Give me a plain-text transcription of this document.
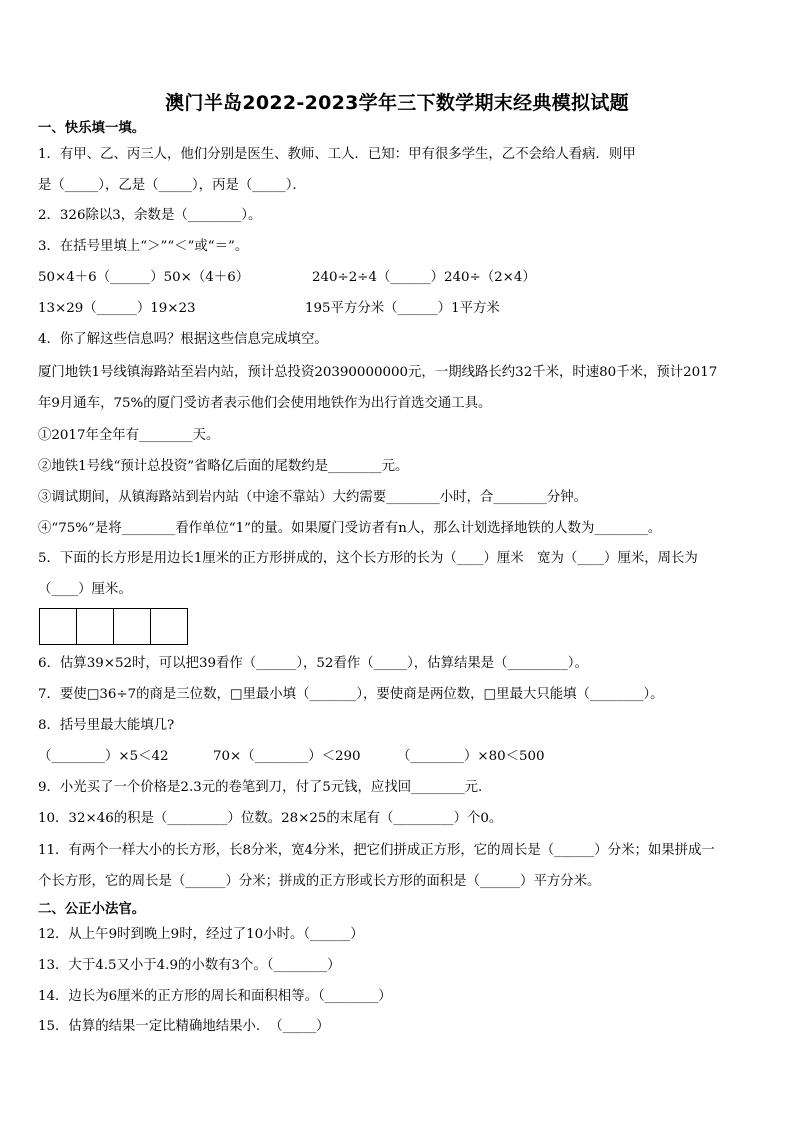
澳门半岛2022-2023学年三下数学期末经典模拟试题
一、快乐填一填。
1．有甲、乙、丙三人，他们分别是医生、教师、工人．已知：甲有很多学生，乙不会给人看病．则甲
是（_____），乙是（_____），丙是（_____）．
2．326除以3，余数是（________）。
3．在括号里填上“＞”“＜”或“＝”。
50×4＋6（______）50×（4＋6）	240÷2÷4（______）240÷（2×4）
13×29（______）19×23	195平方分米（______）1平方米
4．你了解这些信息吗？根据这些信息完成填空。
厦门地铁1号线镇海路站至岩内站，预计总投资20390000000元，一期线路长约32千米，时速80千米，预计2017
年9月通车，75%的厦门受访者表示他们会使用地铁作为出行首选交通工具。
①2017年全年有________天。
②地铁1号线“预计总投资”省略亿后面的尾数约是________元。
③调试期间，从镇海路站到岩内站（中途不靠站）大约需要________小时，合________分钟。
④“75%”是将________看作单位“1”的量。如果厦门受访者有n人，那么计划选择地铁的人数为________。
5．下面的长方形是用边长1厘米的正方形拼成的，这个长方形的长为（____）厘米　宽为（____）厘米，周长为
（____）厘米。
6．估算39×52时，可以把39看作（______），52看作（_____），估算结果是（_________）。
7．要使□36÷7的商是三位数，□里最小填（_______），要使商是两位数，□里最大只能填（________）。
8．括号里最大能填几?
（________）×5＜42	70×（________）＜290	（________）×80＜500
9．小光买了一个价格是2.3元的卷笔到刀，付了5元钱，应找回________元.
10．32×46的积是（_________）位数。28×25的末尾有（_________）个0。
11．有两个一样大小的长方形，长8分米，宽4分米，把它们拼成正方形，它的周长是（______）分米；如果拼成一
个长方形，它的周长是（______）分米；拼成的正方形或长方形的面积是（______）平方分米。
二、公正小法官。
12．从上午9时到晚上9时，经过了10小时。（______）
13．大于4.5又小于4.9的小数有3个。（________）
14．边长为6厘米的正方形的周长和面积相等。（________）
15．估算的结果一定比精确地结果小．　（_____）
